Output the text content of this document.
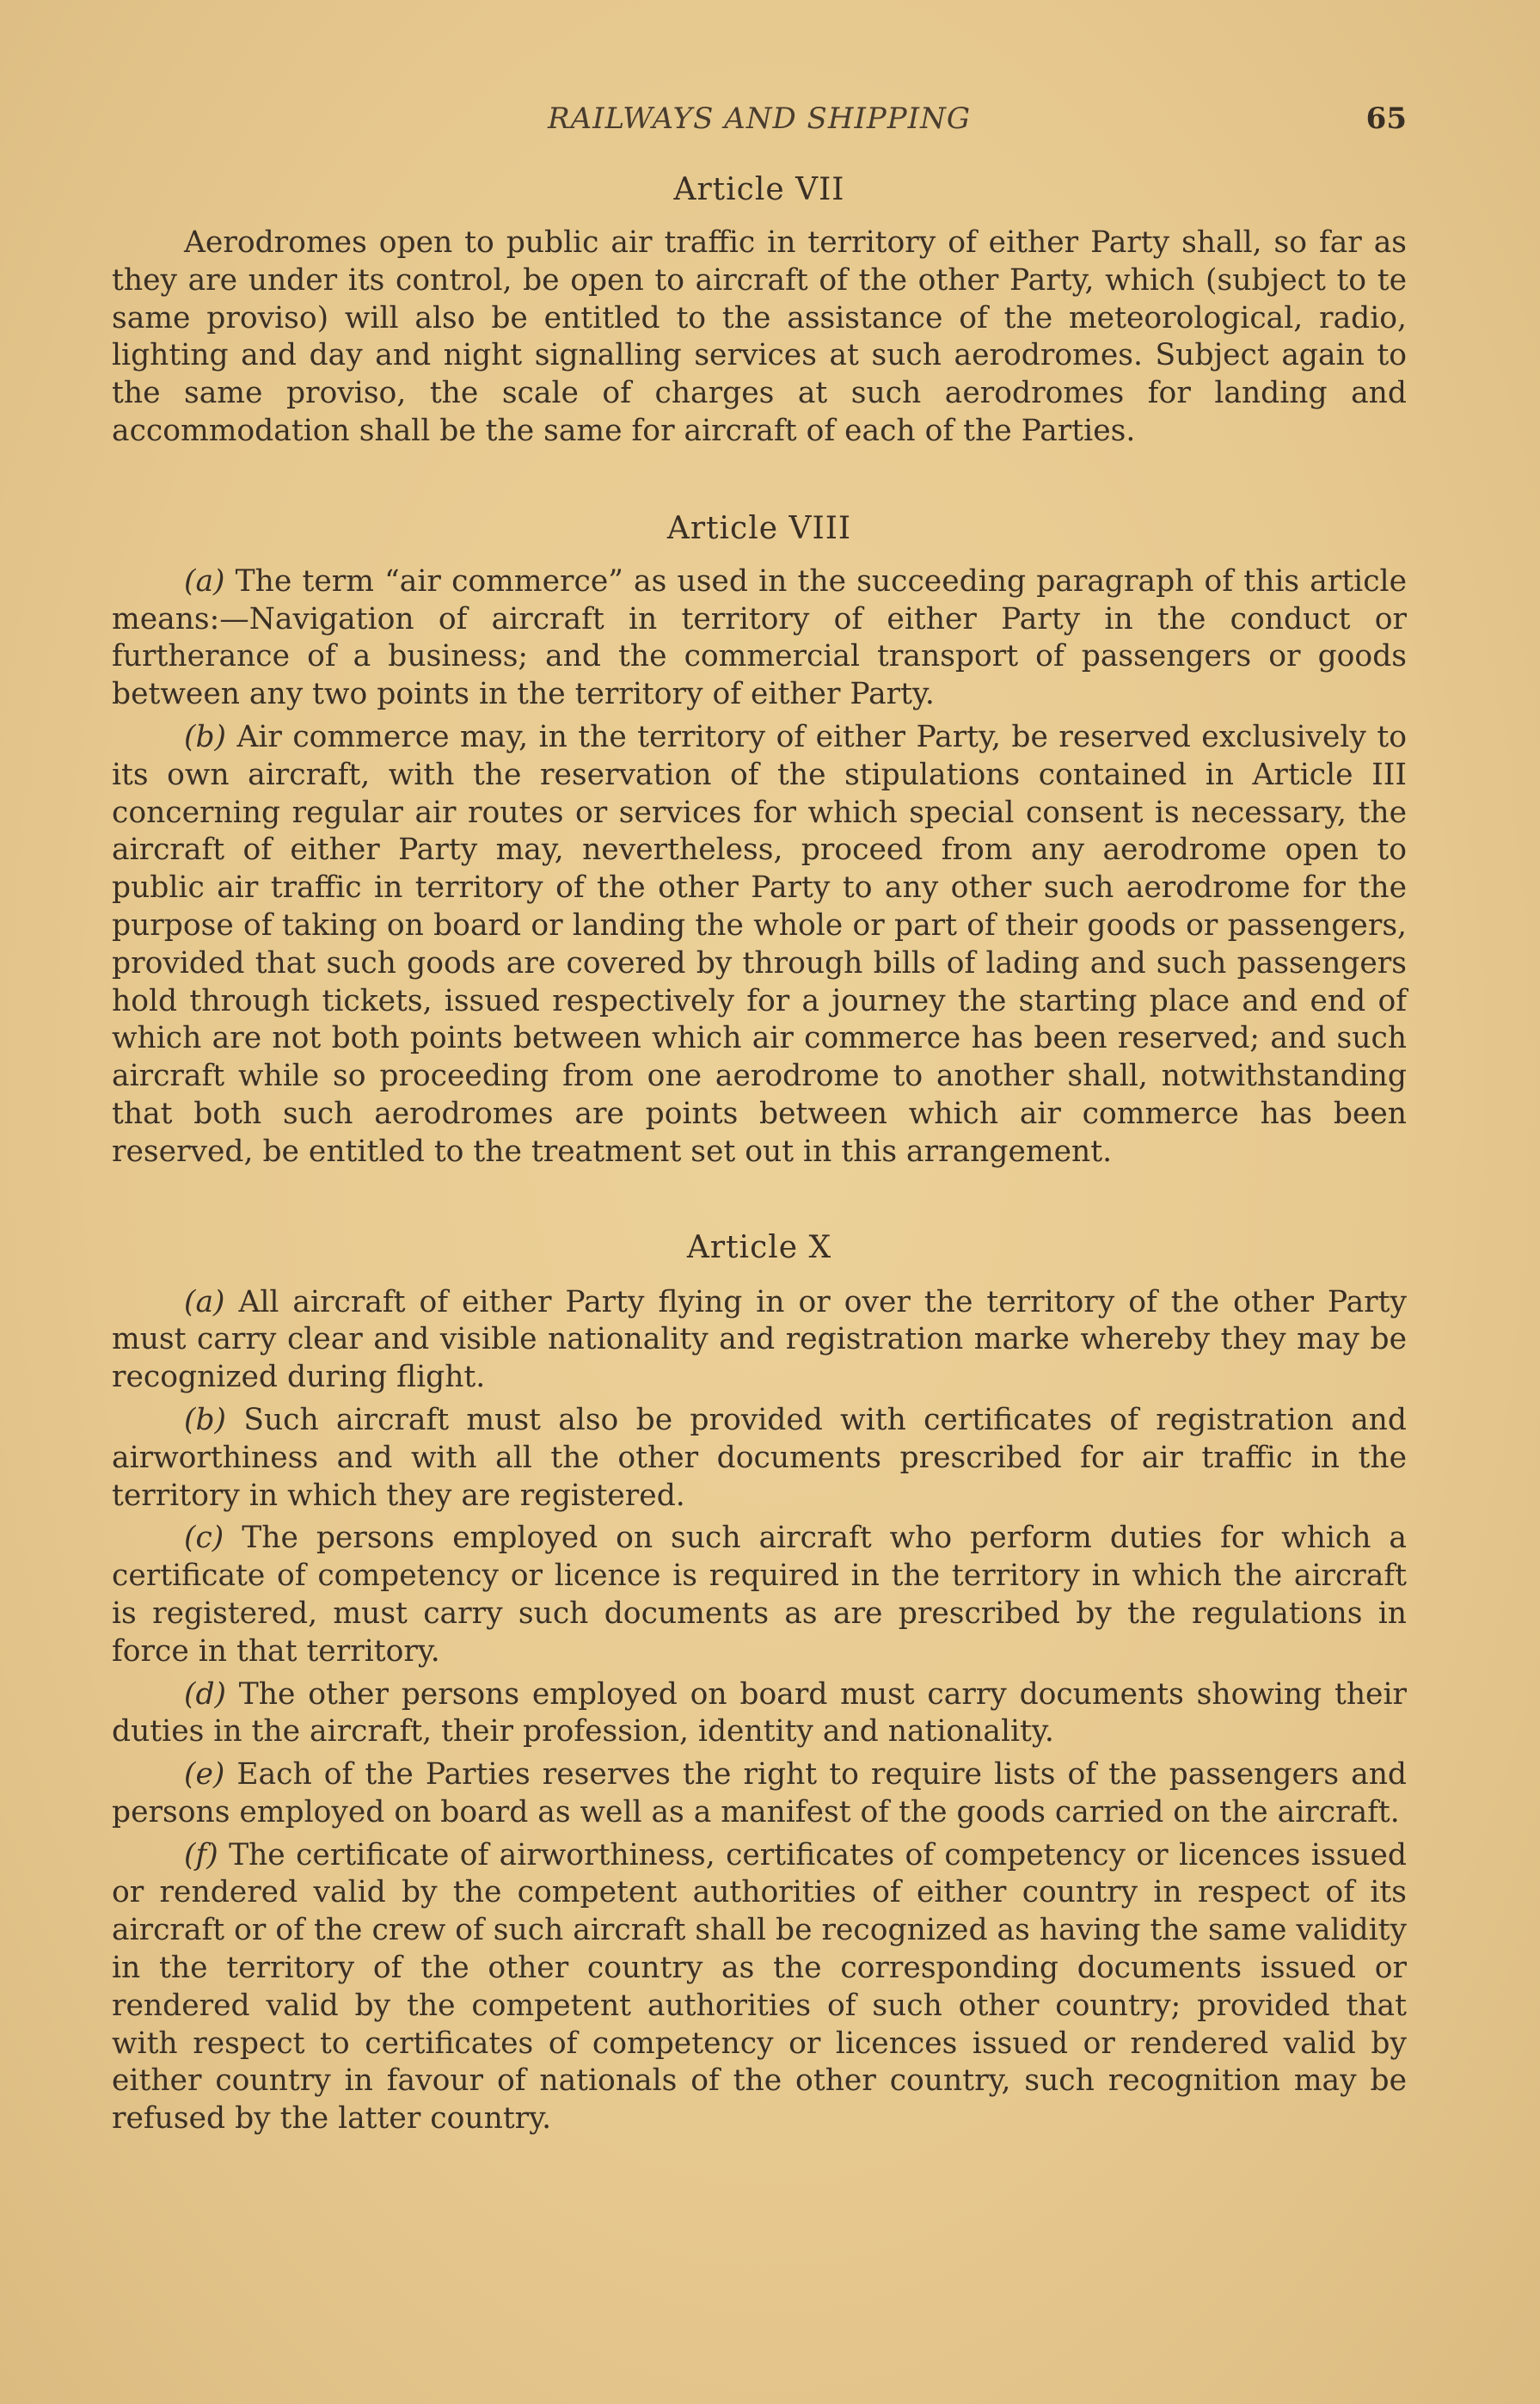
RAILWAYS AND SHIPPING	65
Article VII

Aerodromes open to public air traffic in territory of either Party shall, so far as they are under its control, be open to aircraft of the other Party, which (subject to te same proviso) will also be entitled to the assistance of the meteorological, radio, lighting and day and night signalling services at such aerodromes. Subject again to the same proviso, the scale of charges at such aerodromes for landing and accommodation shall be the same for aircraft of each of the Parties.

Article VIII

(a) The term “air commerce” as used in the succeeding paragraph of this article means:—Navigation of aircraft in territory of either Party in the conduct or furtherance of a business; and the commercial transport of passengers or goods between any two points in the territory of either Party.

(b) Air commerce may, in the territory of either Party, be reserved exclusively to its own aircraft, with the reservation of the stipulations contained in Article III concerning regular air routes or services for which special consent is necessary, the aircraft of either Party may, nevertheless, proceed from any aerodrome open to public air traffic in territory of the other Party to any other such aerodrome for the purpose of taking on board or landing the whole or part of their goods or passengers, provided that such goods are covered by through bills of lading and such passengers hold through tickets, issued respectively for a journey the starting place and end of which are not both points between which air commerce has been reserved; and such aircraft while so proceeding from one aerodrome to another shall, notwithstanding that both such aerodromes are points between which air commerce has been reserved, be entitled to the treatment set out in this arrangement.

Article X

(a) All aircraft of either Party flying in or over the territory of the other Party must carry clear and visible nationality and registration marke whereby they may be recognized during flight.

(b) Such aircraft must also be provided with certificates of registration and airworthiness and with all the other documents prescribed for air traffic in the territory in which they are registered.

(c) The persons employed on such aircraft who perform duties for which a certificate of competency or licence is required in the territory in which the aircraft is registered, must carry such documents as are prescribed by the regulations in force in that territory.

(d) The other persons employed on board must carry documents showing their duties in the aircraft, their profession, identity and nationality.

(e) Each of the Parties reserves the right to require lists of the passengers and persons employed on board as well as a manifest of the goods carried on the aircraft.

(f) The certificate of airworthiness, certificates of competency or licences issued or rendered valid by the competent authorities of either country in respect of its aircraft or of the crew of such aircraft shall be recognized as having the same validity in the territory of the other country as the corresponding documents issued or rendered valid by the competent authorities of such other country; provided that with respect to certificates of competency or licences issued or rendered valid by either country in favour of nationals of the other country, such recognition may be refused by the latter country.
